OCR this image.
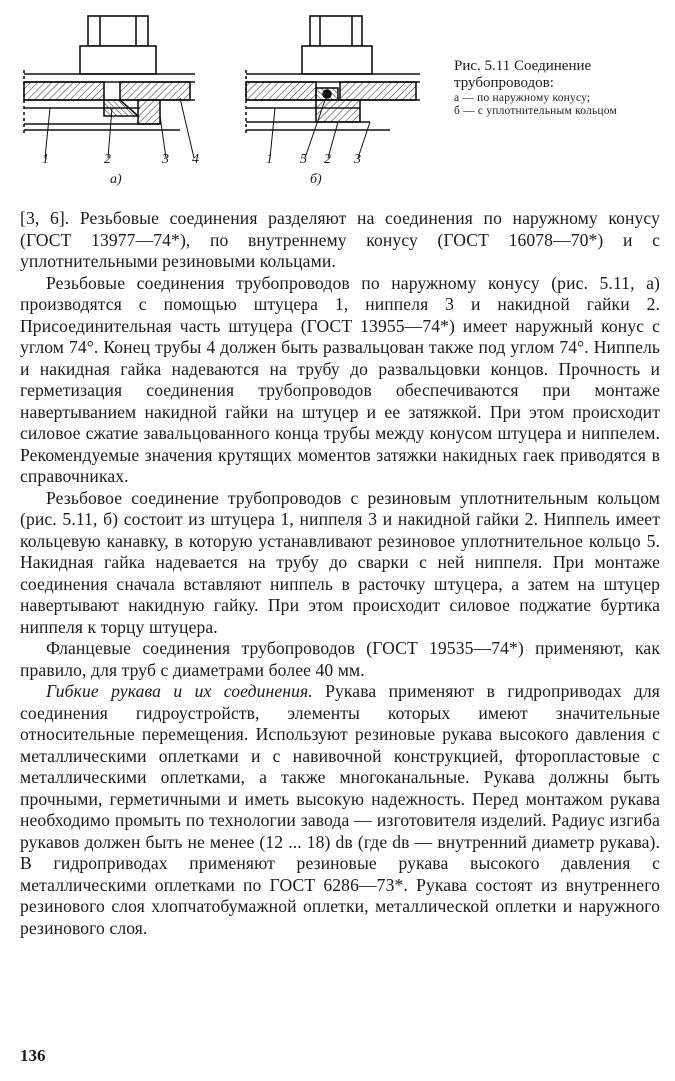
1	2	3 4
а)
1 5 2 3
б)
Рис. 5.11 Соединение трубопроводов:
а — по наружному конусу;
б — с уплотнительным кольцом

[3, 6]. Резьбовые соединения разделяют на соединения по наружному конусу (ГОСТ 13977—74*), по внутреннему конусу (ГОСТ 16078—70*) и с уплотнительными резиновыми кольцами.

Резьбовые соединения трубопроводов по наружному конусу (рис. 5.11, а) производятся с помощью штуцера 1, ниппеля 3 и накидной гайки 2. Присоединительная часть штуцера (ГОСТ 13955—74*) имеет наружный конус с углом 74°. Конец трубы 4 должен быть развальцован также под углом 74°. Ниппель и накидная гайка надеваются на трубу до развальцовки концов. Прочность и герметизация соединения трубопроводов обеспечиваются при монтаже навертыванием накидной гайки на штуцер и ее затяжкой. При этом происходит силовое сжатие завальцованного конца трубы между конусом штуцера и ниппелем. Рекомендуемые значения крутящих моментов затяжки накидных гаек приводятся в справочниках.

Резьбовое соединение трубопроводов с резиновым уплотнительным кольцом (рис. 5.11, б) состоит из штуцера 1, ниппеля 3 и накидной гайки 2. Ниппель имеет кольцевую канавку, в которую устанавливают резиновое уплотнительное кольцо 5. Накидная гайка надевается на трубу до сварки с ней ниппеля. При монтаже соединения сначала вставляют ниппель в расточку штуцера, а затем на штуцер навертывают накидную гайку. При этом происходит силовое поджатие буртика ниппеля к торцу штуцера.

Фланцевые соединения трубопроводов (ГОСТ 19535—74*) применяют, как правило, для труб с диаметрами более 40 мм.

Гибкие рукава и их соединения. Рукава применяют в гидроприводах для соединения гидроустройств, элементы которых имеют значительные относительные перемещения. Используют резиновые рукава высокого давления с металлическими оплетками и с навивочной конструкцией, фторопластовые с металлическими оплетками, а также многоканальные. Рукава должны быть прочными, герметичными и иметь высокую надежность. Перед монтажом рукава необходимо промыть по технологии завода — изготовителя изделий. Радиус изгиба рукавов должен быть не менее (12 ... 18) dв (где dв — внутренний диаметр рукава). В гидроприводах применяют резиновые рукава высокого давления с металлическими оплетками по ГОСТ 6286—73*. Рукава состоят из внутреннего резинового слоя хлопчатобумажной оплетки, металлической оплетки и наружного резинового слоя.

136
